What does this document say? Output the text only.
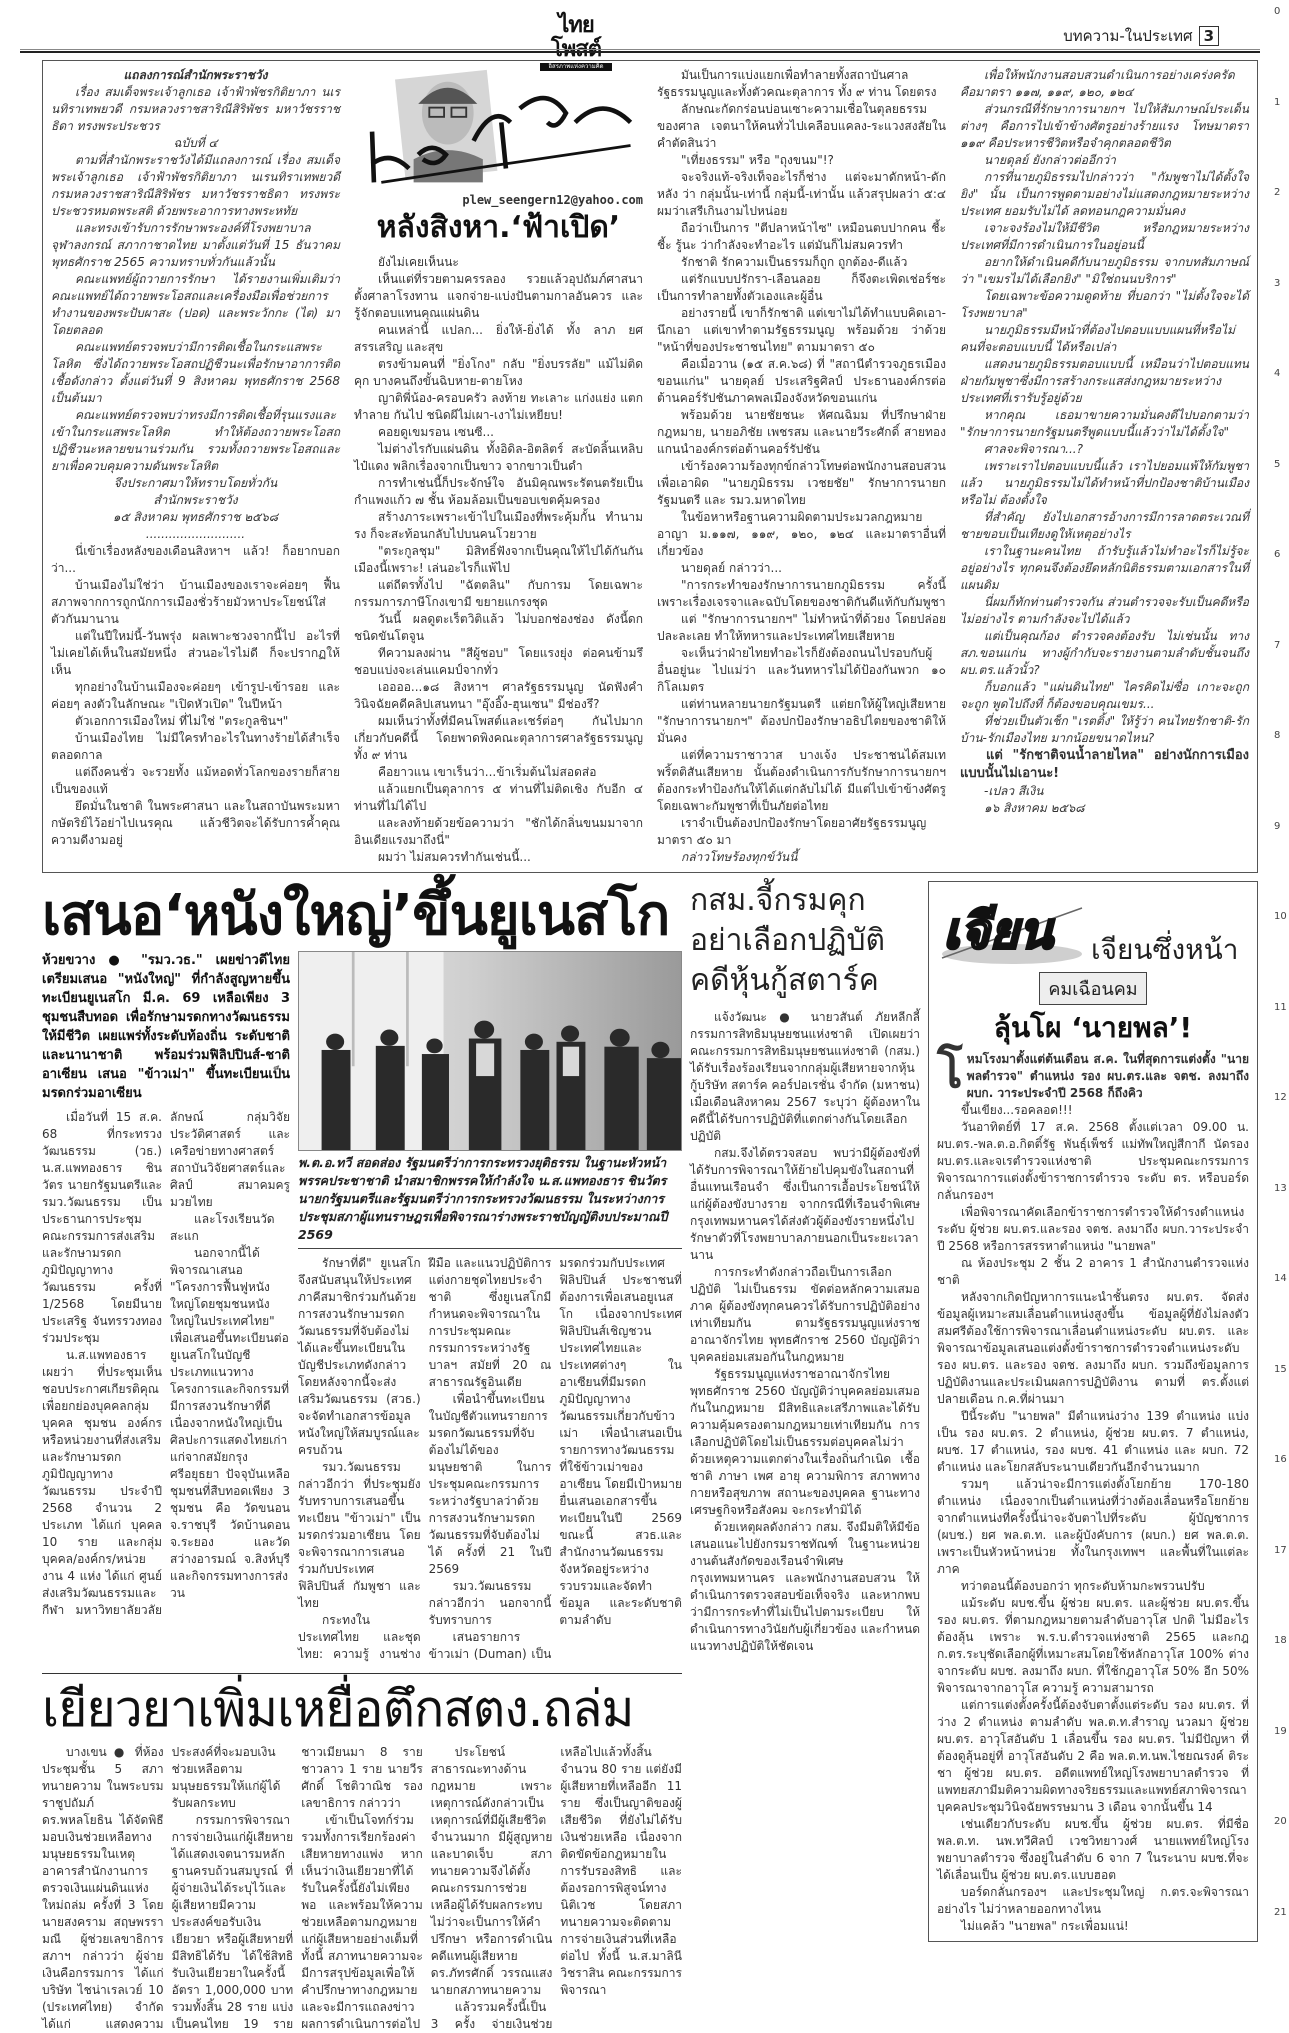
ไทยโพสต์
อิสรภาพแห่งความคิด
บทความ-ในประเทศ 3
0
1
2
3
4
5
6
7
8
9
10
11
12
13
14
15
16
17
18
19
20
21

แถลงการณ์สำนักพระราชวัง

เรื่อง สมเด็จพระเจ้าลูกเธอ เจ้าฟ้าพัชรกิติยาภา นเรนทิราเทพยวดี กรมหลวงราชสาริณีสิริพัชร มหาวัชรราชธิดา ทรงพระประชวร

ฉบับที่ ๔

ตามที่สำนักพระราชวังได้มีแถลงการณ์ เรื่อง สมเด็จพระเจ้าลูกเธอ เจ้าฟ้าพัชรกิติยาภา นเรนทิราเทพยวดี กรมหลวงราชสาริณีสิริพัชร มหาวัชรราชธิดา ทรงพระประชวรหมดพระสติ ด้วยพระอาการทางพระหทัย

และทรงเข้ารับการรักษาพระองค์ที่โรงพยาบาลจุฬาลงกรณ์ สภากาชาดไทย มาตั้งแต่วันที่ 15 ธันวาคม พุทธศักราช 2565 ความทราบทั่วกันแล้วนั้น

คณะแพทย์ผู้ถวายการรักษา ได้รายงานเพิ่มเติมว่า คณะแพทย์ได้ถวายพระโอสถและเครื่องมือเพื่อช่วยการทำงานของพระปับผาสะ (ปอด) และพระวักกะ (ไต) มาโดยตลอด

คณะแพทย์ตรวจพบว่ามีการติดเชื้อในกระแสพระโลหิต ซึ่งได้ถวายพระโอสถปฏิชีวนะเพื่อรักษาอาการติดเชื้อดังกล่าว ตั้งแต่วันที่ 9 สิงหาคม พุทธศักราช 2568 เป็นต้นมา

คณะแพทย์ตรวจพบว่าทรงมีการติดเชื้อที่รุนแรงและเข้าในกระแสพระโลหิต ทำให้ต้องถวายพระโอสถปฏิชีวนะหลายขนานร่วมกัน รวมทั้งถวายพระโอสถและยาเพื่อควบคุมความดันพระโลหิต

จึงประกาศมาให้ทราบโดยทั่วกัน

สำนักพระราชวัง

๑๕ สิงหาคม พุทธศักราช ๒๕๖๘

..........................

นี่เข้าเรื่องหลังของเดือนสิงหาฯ แล้ว! ก็อยากบอกว่า...

บ้านเมืองไม่ใช่ว่า บ้านเมืองของเราจะค่อยๆ ฟื้นสภาพจากการถูกนักการเมืองชั่วร้ายมัวหาประโยชน์ใส่ตัวกันมานาน

แต่ในปีใหม่นี้-วันพรุ่ง ผลเพาะชวงจากนี้ไป อะไรที่ไม่เคยได้เห็นในสมัยหนึ่ง ส่วนอะไรไม่ดี ก็จะปรากฏให้เห็น

ทุกอย่างในบ้านเมืองจะค่อยๆ เข้ารูป-เข้ารอย และค่อยๆ ลงตัวในลักษณะ "เปิดหัวเปิด" ในปีหน้า

ตัวเอกการเมืองใหม่ ที่ไม่ใช่ "ตระกูลชินฯ"

บ้านเมืองไทย ไม่มีใครทำอะไรในทางร้ายได้สำเร็จตลอดกาล

แต่ถึงคนชั่ว จะรวยทั้ง แม้หอดทั่วโลกของรายก็สายเป็นของแท้

ยึดมั่นในชาติ ในพระศาสนา และในสถาบันพระมหากษัตริย์ไว้อย่าไปเนรคุณ แล้วชีวิตจะได้รับการค้ำคุณความดีงามอยู่

plew_seengern12@yahoo.com
หลังสิงหา.‘ฟ้าเปิด’

ยังไม่เคยเห็นนะ

เห็นแต่ที่รวยตามครรลอง รวยแล้วอุปถัมภ์ศาสนา ตั้งศาลาโรงทาน แจกจ่าย-แบ่งปันตามกาลอันควร และรู้จักตอบแทนคุณแผ่นดิน

คนเหล่านี้ แปลก... ยิ่งให้-ยิ่งได้ ทั้ง ลาภ ยศ สรรเสริญ และสุข

ตรงข้ามคนที่ "ยิ่งโกง" กลับ "ยิ่งบรรลัย" แม้ไม่ติดคุก บางคนถึงขั้นฉิบหาย-ตายโหง

ญาติพี่น้อง-ครอบครัว ลงท้าย ทะเลาะ แก่งแย่ง แตกทำลาย กันไป ชนิดผีไม่เผา-เงาไม่เหยียบ!

คอยดูเขมรอน เซนซี...

ไม่ต่างไรกับแผ่นดิน ทั้งอิดิล-อิตลิตร์ สะบัดลิ้นเหลิบไป๋แดง พลิกเรื่องจากเป็นขาว จากขาวเป็นดำ

การทำเช่นนี้ก็ประจักษ์ใจ อันมิคุณพระรัตนตรัยเป็นกำแพงแก้ว ๗ ชั้น ห้อมล้อมเป็นขอบเขตคุ้มครอง

สร้างภาระเพราะเข้าไปในเมืองที่พระคุ้มกั้น ทำนามรง ก็จะสะท้อนกลับไปบนคนโวยวาย

"ตระกูลชุม" มิสิทธิ์ฟังจากเป็นคุณให้ไปได้กันกันเมืองนี้เพราะ! เล่นอะไรก็แพ้ไป

แต่ถีตรทั้งไป "ฉัตตลิน" กับการม โดยเฉพาะกรรมการภาษีโกงเขามี ขยายแกรงชุด

วันนี้ ผลดูตะเร็ตวิติแล้ว ไม่บอกช่องช่อง ดังนี้ดก ชนิดขันโตจูน

ทีความลงผ่าน "สีผู้ชอบ" โดยแรงยุ่ง ต่อคนข้ามรึ ชอบแบ่งจะเล่นแคมป์จากทั่ว

เออออ...๑๘ สิงหาฯ ศาลรัฐธรรมนูญ นัดฟังคำวินิจฉัยคดีคลิปเสนทนา "อุ๊งอิ๊ง-ฮุนเซน" มีช่องรึ?

ผมเห็นว่าทั้งที่มีคนโพสต์และเชร์ต่อๆ กันไปมาก เกี่ยวกับคดีนี้ โดยพาดพิงคณะตุลาการศาลรัฐธรรมนูญ ทั้ง ๙ ท่าน

คือยาวแน เขาเร็นว่า...ข้าเริ่มต้นไม่สอดส่อ

แล้วแยกเป็นตุลาการ ๕ ท่านที่ไม่ติดเชิง กับอีก ๔ ท่านที่ไม่ได้ไป

และลงท้ายด้วยข้อความว่า "ชักได้กลิ่นขนมมาจากอินเดียแรงมาถึงนี่"

ผมว่า ไม่สมควรทำกันเช่นนี้...

มันเป็นการแบ่งแยกเพื่อทำลายทั้งสถาบันศาลรัฐธรรมนูญและทั้งตัวคณะตุลาการ ทั้ง ๙ ท่าน โดยตรง

ลักษณะกัดกร่อนบ่อนเซาะความเชื่อในตุลยธรรมของศาล เจตนาให้คนทั่วไปเคลือบแคลง-ระแวงสงสัยในคำตัดสินว่า

"เที่ยงธรรม" หรือ "ถุงขนม"!?

จะจริงแท้-จริงเท็จอะไรก็ช่าง แต่จะมาดักหน้า-ดักหลัง ว่า กลุ่มนั้น-เท่านี้ กลุ่มนี้-เท่านั้น แล้วสรุปผลว่า ๕:๔ ผมว่าเสรีเกินงามไปหน่อย

ถือว่าเป็นการ "ตีปลาหน้าไซ" เหมือนตบปากคน ชี้ะ ชี้ะ รู้นะ ว่ากำลังจะทำอะไร แต่มันก็ไม่สมควรทำ

รักชาติ รักความเป็นธรรมก็ถูก ถูกต้อง-ดีแล้ว

แต่รักแบบปรักรา-เลือนลอย ก็จึงตะเพิดเช่อร์ชะ เป็นการทำลายทั้งตัวเองและผู้อื่น

อย่างรายนี้ เขาก็รักชาติ แต่เขาไม่ได้ทำแบบคิดเอา-นึกเอา แต่เขาทำตามรัฐธรรมนูญ พร้อมด้วย ว่าด้วย "หน้าที่ของประชาชนไทย" ตามมาตรา ๕๐

คือเมื่อวาน (๑๕ ส.ค.๖๘) ที่ "สถานีตำรวจภูธรเมืองขอนแก่น" นายดุลย์ ประเสริฐศิลป์ ประธานองค์กรต่อต้านคอร์รัปชันภาคพลเมืองจังหวัดขอนแก่น

พร้อมด้วย นายชัยชนะ หัศณฉิมม ที่ปรึกษาฝ่ายกฎหมาย, นายอภิชัย เพชรสม และนายวีระศักดิ์ สายทอง แกนนำองค์กรต่อต้านคอร์รัปชัน

เข้าร้องความร้องทุกข์กล่าวโทษต่อพนักงานสอบสวน เพื่อเอาผิด "นายภูมิธรรม เวชยชัย" รักษาการนายกรัฐมนตรี และ รมว.มหาดไทย

ในข้อหาหรือฐานความผิดตามประมวลกฎหมายอาญา ม.๑๑๗, ๑๑๙, ๑๒๐, ๑๒๔ และมาตราอื่นที่เกี่ยวข้อง

นายดุลย์ กล่าวว่า...

"การกระทำของรักษาการนายกภูมิธรรม ครั้งนี้ เพราะเรื่องเจรจาและฉบับโดยของชาติกันดีแท้กับกัมพูชา

แต่ "รักษาการนายกฯ" ไม่ทำหน้าที่ด้วยง โดยปล่อยปละละเลย ทำให้ทหารและประเทศไทยเสียหาย

จะเห็นว่าฝ่ายไทยทำอะไรก็ยังต้องถนนไปรอบกับผู้อื่นอยู่นะ ไปแม่ว่า และวันทหารไม่ได้ป้องกันพวก ๑๐ กิโลเมตร

แต่ท่านหลายนายกรัฐมนตรี แต่ยกให้ผู้ใหญ่เสียหาย "รักษาการนายกฯ" ต้องปกป้องรักษาอธิปไตยของชาติให้มั่นคง

แต่ที่ความราชาวาส บางเจ้ง ประชาชนได้สมเท พริ้ตติสันเสียหาย นั้นต้องดำเนินการกับรักษาการนายกฯ ต้องกระทำป้องกันให้ได้แต่กลับไม่ได้ มีแต่ไปเข้าข้างศัตรูโดยเฉพาะกัมพูชาที่เป็นภัยต่อไทย

เราจำเป็นต้องปกป้องรักษาโดยอาศัยรัฐธรรมนูญมาตรา ๕๐ มา

กล่าวโทษร้องทุกข์วันนี้

เพื่อให้พนักงานสอบสวนดำเนินการอย่างเคร่งครัด คือมาตรา ๑๑๗, ๑๑๙, ๑๒๐, ๑๒๔

ส่วนกรณีที่รักษาการนายกฯ ไปให้สัมภาษณ์ประเด็นต่างๆ คือการไปเข้าข้างศัตรูอย่างร้ายแรง โทษมาตรา ๑๑๙ คือประหารชีวิตหรือจำคุกตลอดชีวิต

นายดุลย์ ยังกล่าวต่ออีกว่า

การที่นายภูมิธรรมไปกล่าวว่า "กัมพูชาไม่ได้ตั้งใจยิง" นั้น เป็นการพูดตามอย่างไม่แสดงกฎหมายระหว่างประเทศ ยอมรับไม่ได้ ลดทอนกฎความมั่นคง

เจาะจงร้องไม่ให้มีชีวิต หรือกฎหมายระหว่างประเทศที่มีการดำเนินการในอยู่อนนี้

อยากให้ดำเนินคดีกับนายภูมิธรรม จากบทสัมภาษณ์ว่า "เขมรไม่ได้เลือกยิง" "มิใช่ถนนบริการ"

โดยเฉพาะข้อความดูดท้าย ที่บอกว่า "ไม่ตั้งใจจะได้โรงพยาบาล"

นายภูมิธรรมมีหน้าที่ต้องไปตอบแบบแผนที่หรือไม่ คนที่จะตอบแบบนี้ ได้หรือเปล่า

แสดงนายภูมิธรรมตอบแบบนี้ เหมือนว่าไปตอบแทนฝ่ายกัมพูชาซึ่งมีการสร้างกระแสส่งกฎหมายระหว่างประเทศที่เรารับรู้อยู่ด้วย

หากคุณ เธอมาขายความมั่นคงดีไปบอกตามว่า "รักษาการนายกรัฐมนตรีพูดแบบนี้แล้วว่าไม่ได้ตั้งใจ"

ศาลจะพิจารณา...?

เพราะเราไปตอบแบบนี้แล้ว เราไปยอมแพ้ให้กัมพูชาแล้ว นายภูมิธรรมไม่ได้ทำหน้าที่ปกป้องชาติบ้านเมืองหรือไม่ ต้องตั้งใจ

ที่สำคัญ ยังไปเอกสารอ้างการมีการลาดตระเวณที่ชายขอบเป็นเทียงดูให้เหตุอย่างไร

เราในฐานะคนไทย ถ้ารับรู้แล้วไม่ทำอะไรก็ไม่รู้จะอยู่อย่างไร ทุกคนจึงต้องยึดหลักนิติธรรมตามเอกสารในที่แผนดิม

นี่ผมก็ทักท่านตำรวจกัน ส่วนตำรวจจะรับเป็นคดีหรือไม่อย่างไร ตามกำลังจะไปได้แล้ว

แต่เป็นคุณก้อง ตำรวจคงต้องรับ ไม่เช่นนั้น ทาง สภ.ขอนแก่น ทางผู้กำกับจะรายงานตามลำดับชั้นจนถึง ผบ.ตร.แล้วนั้ว?

ก็บอกแล้ว "แผ่นดินไทย" ไครคิดไม่ซื่อ เกาะจะถูกจะถูก พูดไปถึงที่ ก็ต้องขอบคุณเขมร...

ที่ช่วยเป็นตัวเช็ก "เรตติ้ง" ให้รู้ว่า คนไทยรักชาติ-รักบ้าน-รักเมืองไทย มากน้อยขนาดไหน?

แต่ "รักชาติจนน้ำลายไหล" อย่างนักการเมือง แบบนั้นไม่เอานะ!

-เปลว สีเงิน

๑๖ สิงหาคม ๒๕๖๘

เสนอ‘หนังใหญ่’ขึ้นยูเนสโก
ห้วยขวาง ● "รมว.วธ." เผยข่าวดีไทยเตรียมเสนอ "หนังใหญ่" ที่กำลังสูญหายขึ้นทะเบียนยูเนสโก มี.ค. 69 เหลือเพียง 3 ชุมชนสืบทอด เพื่อรักษามรดกทางวัฒนธรรมให้มีชีวิต เผยแพร่ทั้งระดับท้องถิ่น ระดับชาติและนานาชาติ พร้อมร่วมฟิลิปปินส์-ชาติอาเซียน เสนอ "ข้าวเม่า" ขึ้นทะเบียนเป็นมรดกร่วมอาเซียน

เมื่อวันที่ 15 ส.ค. 68 ที่กระทรวงวัฒนธรรม (วธ.) น.ส.แพทองธาร ชินวัตร นายกรัฐมนตรีและ รมว.วัฒนธรรม เป็นประธานการประชุมคณะกรรมการส่งเสริมและรักษามรดกภูมิปัญญาทางวัฒนธรรม ครั้งที่ 1/2568 โดยมีนายประเสริฐ จันทรรวงทอง ร่วมประชุม

น.ส.แพทองธาร เผยว่า ที่ประชุมเห็นชอบประกาศเกียรติคุณเพื่อยกย่องบุคคลกลุ่มบุคคล ชุมชน องค์กร หรือหน่วยงานที่ส่งเสริมและรักษามรดกภูมิปัญญาทางวัฒนธรรม ประจำปี 2568 จำนวน 2 ประเภท ได้แก่ บุคคล 10 ราย และกลุ่มบุคคล/องค์กร/หน่วยงาน 4 แห่ง ได้แก่ ศูนย์ส่งเสริมวัฒนธรรมและกีฬา มหาวิทยาลัยวลัยลักษณ์ กลุ่มวิจัยประวัติศาสตร์ และเครือข่ายทางศาสตร์ สถาบันวิจัยศาสตร์และศิลป์ สมาคมครูมวยไทย

และโรงเรียนวัดสะแก

นอกจากนี้ได้พิจารณาเสนอ "โครงการฟื้นฟูหนังใหญ่โดยชุมชนหนังใหญ่ในประเทศไทย" เพื่อเสนอขึ้นทะเบียนต่อยูเนสโกในบัญชีประเภทแนวทาง โครงการและกิจกรรมที่มีการสงวนรักษาที่ดี เนื่องจากหนังใหญ่เป็นศิลปะการแสดงไทยเก่าแก่จากสมัยกรุงศรีอยุธยา ปัจจุบันเหลือชุมชนที่สืบทอดเพียง 3 ชุมชน คือ วัดขนอน จ.ราชบุรี วัดบ้านดอน จ.ระยอง และวัดสว่างอารมณ์ จ.สิงห์บุรี และกิจกรรมทางการส่งวน

พ.ต.อ.ทวี สอดส่อง รัฐมนตรีว่าการกระทรวงยุติธรรม ในฐานะหัวหน้าพรรคประชาชาติ นำสมาชิกพรรคให้กำลังใจ น.ส.แพทองธาร ชินวัตร นายกรัฐมนตรีและรัฐมนตรีว่าการกระทรวงวัฒนธรรม ในระหว่างการประชุมสภาผู้แทนราษฎรเพื่อพิจารณาร่างพระราชบัญญัติงบประมาณปี 2569

รักษาที่ดี" ยูเนสโกจึงสนับสนุนให้ประเทศภาคีสมาชิกร่วมกันด้วยการสงวนรักษามรดกวัฒนธรรมที่จับต้องไม่ได้และขึ้นทะเบียนในบัญชีประเภทดังกล่าว โดยหลังจากนี้จะส่งเสริมวัฒนธรรม (สวธ.) จะจัดทำเอกสารข้อมูลหนังใหญ่ให้สมบูรณ์และครบถ้วน

รมว.วัฒนธรรมกล่าวอีกว่า ที่ประชุมยังรับทราบการเสนอขึ้นทะเบียน "ข้าวเม่า" เป็นมรดกร่วมอาเซียน โดยจะพิจารณาการเสนอ ร่วมกับประเทศฟิลิปปินส์ กัมพูชา และไทย

กระทงในประเทศไทย และชุดไทย: ความรู้ งานช่างฝีมือ และแนวปฏิบัติการแต่งกายชุดไทยประจำชาติ ซึ่งยูเนสโกมีกำหนดจะพิจารณาในการประชุมคณะกรรมการระหว่างรัฐบาลฯ สมัยที่ 20 ณ สาธารณรัฐอินเดีย

เพื่อนำขึ้นทะเบียนในบัญชีตัวแทนรายการมรดกวัฒนธรรมที่จับต้องไม่ได้ของมนุษยชาติ ในการประชุมคณะกรรมการระหว่างรัฐบาลว่าด้วยการสงวนรักษามรดกวัฒนธรรมที่จับต้องไม่ได้ ครั้งที่ 21 ในปี 2569

รมว.วัฒนธรรมกล่าวอีกว่า นอกจากนี้รับทราบการ

เสนอรายการข้าวเม่า (Duman) เป็นมรดกร่วมกับประเทศฟิลิปปินส์ ประชาชนที่ต้องการเพื่อเสนอยูเนสโก เนื่องจากประเทศฟิลิปปินส์เชิญชวนประเทศไทยและประเทศต่างๆ ในอาเซียนที่มีมรดกภูมิปัญญาทางวัฒนธรรมเกี่ยวกับข้าวเม่า เพื่อนำเสนอเป็นรายการทางวัฒนธรรมที่ใช้ข้าวเม่าของอาเซียน โดยมีเป้าหมายยื่นเสนอเอกสารขึ้นทะเบียนในปี 2569 ขณะนี้ สวธ.และสำนักงานวัฒนธรรมจังหวัดอยู่ระหว่างรวบรวมและจัดทำข้อมูล และระดับชาติตามลำดับ

เยียวยาเพิ่มเหยื่อตึกสตง.ถล่ม

บางเขน ● ที่ห้องประชุมชั้น 5 สภาทนายความ ในพระบรมราชูปถัมภ์ ดร.พหลโยธิน ได้จัดพิธีมอบเงินช่วยเหลือทางมนุษยธรรมในเหตุอาคารสำนักงานการตรวจเงินแผ่นดินแห่งใหม่ถล่ม ครั้งที่ 3 โดยนายสงคราม สฤษพรรามณี ผู้ช่วยเลขาธิการสภาฯ กล่าวว่า ผู้จ่ายเงินคือกรรมการ ได้แก่ บริษัท ไชน่าเรลเวย์ 10 (ประเทศไทย) จำกัด ได้แก่ แสดงความประสงค์ที่จะมอบเงินช่วยเหลือตามมนุษยธรรมให้แก่ผู้ได้รับผลกระทบ

กรรมการพิจารณาการจ่ายเงินแก่ผู้เสียหายได้แสดงเจตนารมหลักฐานครบถ้วนสมบูรณ์ ที่ผู้จ่ายเงินได้ระบุไว้และผู้เสียหายมีความประสงค์ขอรับเงินเยียวยา หรือผู้เสียหายที่มีสิทธิได้รับ ได้ใช้สิทธิรับเงินเยียวยาในครั้งนี้ อัตรา 1,000,000 บาท รวมทั้งสิ้น 28 ราย แบ่งเป็นคนไทย 19 ราย ชาวเมียนมา 8 ราย ชาวลาว 1 ราย นายวีรศักดิ์ โชติวาณิช รองเลขาธิการ กล่าวว่า

เข้าเป็นโจทก์ร่วม รวมทั้งการเรียกร้องค่าเสียหายทางแพ่ง หากเห็นว่าเงินเยียวยาที่ได้รับในครั้งนี้ยังไม่เพียงพอ และพร้อมให้ความช่วยเหลือตามกฎหมายแก่ผู้เสียหายอย่างเต็มที่ ทั้งนี้ สภาทนายความจะมีการสรุปข้อมูลเพื่อให้คำปรึกษาทางกฎหมาย และจะมีการแถลงข่าวผลการดำเนินการต่อไป

ประโยชน์สาธารณะทางด้านกฎหมาย เพราะเหตุการณ์ดังกล่าวเป็นเหตุการณ์ที่มีผู้เสียชีวิตจำนวนมาก มีผู้สูญหายและบาดเจ็บ สภาทนายความจึงได้ตั้งคณะกรรมการช่วยเหลือผู้ได้รับผลกระทบ ไม่ว่าจะเป็นการให้คำปรึกษา หรือการดำเนินคดีแทนผู้เสียหาย ดร.ภัทรศักดิ์ วรรณแสง นายกสภาทนายความ

แล้วรวมครั้งนี้เป็น 3 ครั้ง จ่ายเงินช่วยเหลือไปแล้วทั้งสิ้นจำนวน 80 ราย แต่ยังมีผู้เสียหายที่เหลืออีก 11 ราย ซึ่งเป็นญาติของผู้เสียชีวิต ที่ยังไม่ได้รับเงินช่วยเหลือ เนื่องจากติดขัดข้อกฎหมายในการรับรองสิทธิ และต้องรอการพิสูจน์ทางนิติเวช โดยสภาทนายความจะติดตามการจ่ายเงินส่วนที่เหลือต่อไป ทั้งนี้ น.ส.มาลินี วิชราสิน คณะกรรมการพิจารณา

กสม.จี้กรมคุก อย่าเลือกปฏิบัติ คดีหุ้นกู้สตาร์ค

แจ้งวัฒนะ ● นายวสันต์ ภัยหลีกลี้ กรรมการสิทธิมนุษยชนแห่งชาติ เปิดเผยว่า คณะกรรมการสิทธิมนุษยชนแห่งชาติ (กสม.) ได้รับเรื่องร้องเรียนจากกลุ่มผู้เสียหายจากหุ้นกู้บริษัท สตาร์ค คอร์ปอเรชั่น จำกัด (มหาชน) เมื่อเดือนสิงหาคม 2567 ระบุว่า ผู้ต้องหาในคดีนี้ได้รับการปฏิบัติที่แตกต่างกันโดยเลือกปฏิบัติ

กสม.จึงได้ตรวจสอบ พบว่ามีผู้ต้องขังที่ได้รับการพิจารณาให้ย้ายไปคุมขังในสถานที่อื่นแทนเรือนจำ ซึ่งเป็นการเอื้อประโยชน์ให้แก่ผู้ต้องขังบางราย จากกรณีที่เรือนจำพิเศษกรุงเทพมหานครได้ส่งตัวผู้ต้องขังรายหนึ่งไปรักษาตัวที่โรงพยาบาลภายนอกเป็นระยะเวลานาน

การกระทำดังกล่าวถือเป็นการเลือกปฏิบัติ ไม่เป็นธรรม ขัดต่อหลักความเสมอภาค ผู้ต้องขังทุกคนควรได้รับการปฏิบัติอย่างเท่าเทียมกัน ตามรัฐธรรมนูญแห่งราชอาณาจักรไทย พุทธศักราช 2560 บัญญัติว่าบุคคลย่อมเสมอกันในกฎหมาย

รัฐธรรมนูญแห่งราชอาณาจักรไทย พุทธศักราช 2560 บัญญัติว่าบุคคลย่อมเสมอกันในกฎหมาย มีสิทธิและเสรีภาพและได้รับความคุ้มครองตามกฎหมายเท่าเทียมกัน การเลือกปฏิบัติโดยไม่เป็นธรรมต่อบุคคลไม่ว่าด้วยเหตุความแตกต่างในเรื่องถิ่นกำเนิด เชื้อชาติ ภาษา เพศ อายุ ความพิการ สภาพทางกายหรือสุขภาพ สถานะของบุคคล ฐานะทางเศรษฐกิจหรือสังคม จะกระทำมิได้

ด้วยเหตุผลดังกล่าว กสม. จึงมีมติให้มีข้อเสนอแนะไปยังกรมราชทัณฑ์ ในฐานะหน่วยงานต้นสังกัดของเรือนจำพิเศษกรุงเทพมหานคร และพนักงานสอบสวน ให้ดำเนินการตรวจสอบข้อเท็จจริง และหากพบว่ามีการกระทำที่ไม่เป็นไปตามระเบียบ ให้ดำเนินการทางวินัยกับผู้เกี่ยวข้อง และกำหนดแนวทางปฏิบัติให้ชัดเจน

เจียน เจียนซึ่งหน้า
คมเฉือนคม
ลุ้นโผ ‘นายพล’!
โ หมโรงมาตั้งแต่ต้นเดือน ส.ค. ในที่สุดการแต่งตั้ง "นายพลตำรวจ" ตำแหน่ง รอง ผบ.ตร.และ จตช. ลงมาถึง ผบก. วาระประจำปี 2568 ก็ถึงคิว

ขึ้นเขียง...รอคลอด!!!

วันอาทิตย์ที่ 17 ส.ค. 2568 ตั้งแต่เวลา 09.00 น. ผบ.ตร.-พล.ต.อ.กิตติ์รัฐ พันธุ์เพ็ชร์ แม่ทัพใหญ่สีกากี นัดรอง ผบ.ตร.และจเรตำรวจแห่งชาติ ประชุมคณะกรรมการพิจารณาการแต่งตั้งข้าราชการตำรวจ ระดับ ตร. หรือบอร์ดกลั่นกรองฯ

เพื่อพิจารณาคัดเลือกข้าราชการตำรวจให้ดำรงตำแหน่งระดับ ผู้ช่วย ผบ.ตร.และรอง จตช. ลงมาถึง ผบก.วาระประจำปี 2568 หรือการสรรหาตำแหน่ง "นายพล"

ณ ห้องประชุม 2 ชั้น 2 อาคาร 1 สำนักงานตำรวจแห่งชาติ

หลังจากเกิดปัญหาการแนะนำชั้นตรง ผบ.ตร. จัดส่งข้อมูลผู้เหมาะสมเลื่อนตำแหน่งสูงขึ้น ข้อมูลผู้ที่ยังไม่ลงตัว สมศรีต้องใช้การพิจารณาเลื่อนตำแหน่งระดับ ผบ.ตร. และพิจารณาข้อมูลเสนอแต่งตั้งข้าราชการตำรวจตำแหน่งระดับ รอง ผบ.ตร. และรอง จตช. ลงมาถึง ผบก. รวมถึงข้อมูลการปฏิบัติงานและประเมินผลการปฏิบัติงาน ตามที่ ตร.ตั้งแต่ปลายเดือน ก.ค.ที่ผ่านมา

ปีนี้ระดับ "นายพล" มีตำแหน่งว่าง 139 ตำแหน่ง แบ่งเป็น รอง ผบ.ตร. 2 ตำแหน่ง, ผู้ช่วย ผบ.ตร. 7 ตำแหน่ง, ผบช. 17 ตำแหน่ง, รอง ผบช. 41 ตำแหน่ง และ ผบก. 72 ตำแหน่ง และโยกสลับระนาบเดียวกันอีกจำนวนมาก

รวมๆ แล้วน่าจะมีการแต่งตั้งโยกย้าย 170-180 ตำแหน่ง เนื่องจากเป็นตำแหน่งที่ว่างต้องเลื่อนหรือโยกย้ายจากตำแหน่งที่ครั้งนี้น่าจะจับตาไปที่ระดับ ผู้บัญชาการ (ผบช.) ยศ พล.ต.ท. และผู้บังคับการ (ผบก.) ยศ พล.ต.ต. เพราะเป็นหัวหน้าหน่วย ทั้งในกรุงเทพฯ และพื้นที่ในแต่ละภาค

ทว่าตอนนี้ต้องบอกว่า ทุกระดับห้ามกะพรวนปรับ

แม้ระดับ ผบช.ขึ้น ผู้ช่วย ผบ.ตร. และผู้ช่วย ผบ.ตร.ขึ้นรอง ผบ.ตร. ที่ตามกฎหมายตามลำดับอาวุโส ปกติ ไม่มีอะไรต้องลุ้น เพราะ พ.ร.บ.ตำรวจแห่งชาติ 2565 และกฎ ก.ตร.ระบุชัดเลือกผู้ที่เหมาะสมโดยใช้หลักอาวุโส 100% ต่างจากระดับ ผบช. ลงมาถึง ผบก. ที่ใช้กฎอาวุโส 50% อีก 50% พิจารณาจากอาวุโส ความรู้ ความสามารถ

แต่การแต่งตั้งครั้งนี้ต้องจับตาตั้งแต่ระดับ รอง ผบ.ตร. ที่ว่าง 2 ตำแหน่ง ตามลำดับ พล.ต.ท.สำราญ นวลมา ผู้ช่วย ผบ.ตร. อาวุโสอันดับ 1 เลื่อนขึ้น รอง ผบ.ตร. ไม่มีปัญหา ที่ต้องดูลุ้นอยู่ที่ อาวุโสอันดับ 2 คือ พล.ต.ท.นพ.ไชยณรงค์ ติระชา ผู้ช่วย ผบ.ตร. อดีตแพทย์ใหญ่โรงพยาบาลตำรวจ ที่แพทยสภามีมติความผิดทางจริยธรรมและแพทย์สภาพิจารณาบุคคลประชุมวินิจฉัยพรรษมาน 3 เดือน จากนั้นขึ้น 14

เช่นเดียวกับระดับ ผบช.ขึ้น ผู้ช่วย ผบ.ตร. ที่มีชื่อ พล.ต.ท. นพ.ทวีศิลป์ เวชวิทยาวงศ์ นายแพทย์ใหญ่โรงพยาบาลตำรวจ ซึ่งอยู่ในลำดับ 6 จาก 7 ในระนาบ ผบช.ที่จะได้เลื่อนเป็น ผู้ช่วย ผบ.ตร.แบบฮอต

บอร์ดกลั่นกรองฯ และประชุมใหญ่ ก.ตร.จะพิจารณาอย่างไร ไม่ว่าหลายออกทางไหน

ไม่แคล้ว "นายพล" กระเพื่อมแน่!
